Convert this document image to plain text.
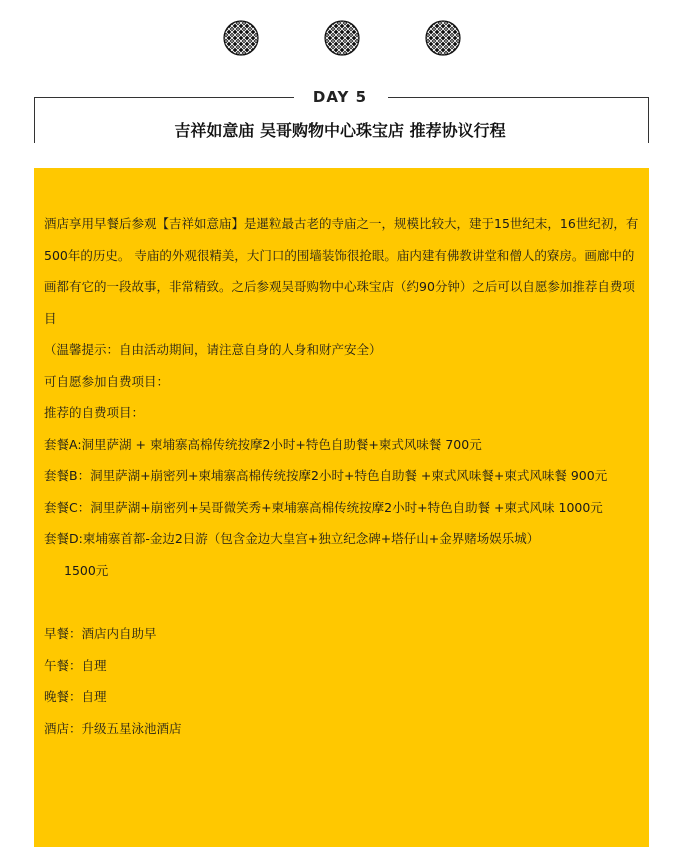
DAY 5
吉祥如意庙 吴哥购物中心珠宝店 推荐协议行程

酒店享用早餐后参观【吉祥如意庙】是暹粒最古老的寺庙之一，规模比较大，建于15世纪末，16世纪初，有500年的历史。 寺庙的外观很精美，大门口的围墙装饰很抢眼。庙内建有佛教讲堂和僧人的寮房。画廊中的画都有它的一段故事，非常精致。之后参观吴哥购物中心珠宝店（约90分钟）之后可以自愿参加推荐自费项目

（温馨提示：自由活动期间，请注意自身的人身和财产安全）

可自愿参加自费项目：

推荐的自费项目：

套餐A:洞里萨湖 + 柬埔寨高棉传统按摩2小时+特色自助餐+柬式风味餐 700元

套餐B：洞里萨湖+崩密列+柬埔寨高棉传统按摩2小时+特色自助餐 +柬式风味餐+柬式风味餐 900元

套餐C：洞里萨湖+崩密列+吴哥微笑秀+柬埔寨高棉传统按摩2小时+特色自助餐 +柬式风味 1000元

套餐D:柬埔寨首都-金边2日游（包含金边大皇宫+独立纪念碑+塔仔山+金界赌场娱乐城）

1500元

早餐：酒店内自助早

午餐：自理

晚餐：自理

酒店：升级五星泳池酒店
